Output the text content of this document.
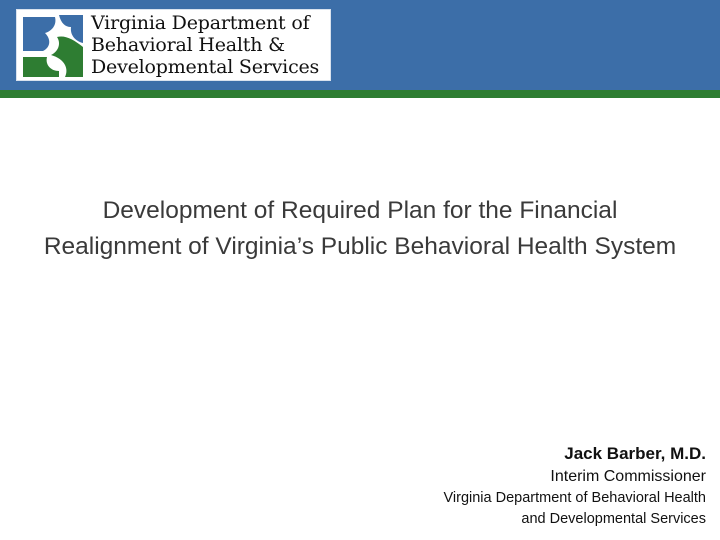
Virginia Department of
Behavioral Health &
Developmental Services
Development of Required Plan for the Financial
Realignment of Virginia’s Public Behavioral Health System
Jack Barber, M.D.
Interim Commissioner
Virginia Department of Behavioral Health
and Developmental Services
